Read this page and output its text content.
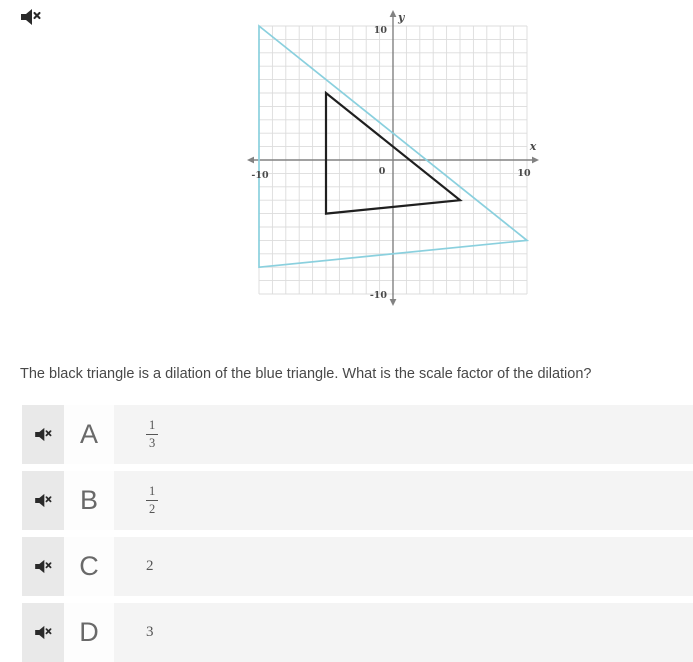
10
y
-10
x
10
-10	0
The black triangle is a dilation of the blue triangle. What is the scale factor of the dilation?
A	$\frac{1}{3}$
B	$\frac{1}{2}$
C	2
D	3
